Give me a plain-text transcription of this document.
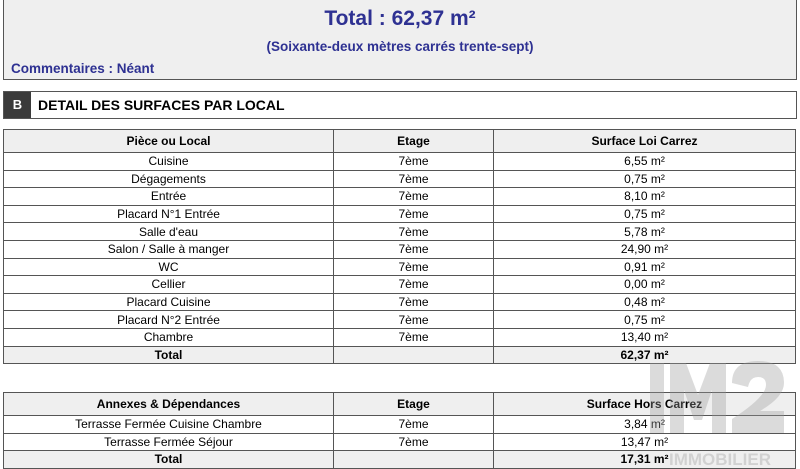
Total : 62,37 m²
(Soixante-deux mètres carrés trente-sept)
Commentaires : Néant
B	DETAIL DES SURFACES PAR LOCAL
Pièce ou Local	Etage	Surface Loi Carrez
Cuisine	7ème	6,55 m²
Dégagements	7ème	0,75 m²
Entrée	7ème	8,10 m²
Placard N°1 Entrée	7ème	0,75 m²
Salle d'eau	7ème	5,78 m²
Salon / Salle à manger	7ème	24,90 m²
WC	7ème	0,91 m²
Cellier	7ème	0,00 m²
Placard Cuisine	7ème	0,48 m²
Placard N°2 Entrée	7ème	0,75 m²
Chambre	7ème	13,40 m²
Total		62,37 m²
Annexes & Dépendances	Etage	Surface Hors Carrez
Terrasse Fermée Cuisine Chambre	7ème	3,84 m²
Terrasse Fermée Séjour	7ème	13,47 m²
Total		17,31 m² IMMOBILIER
